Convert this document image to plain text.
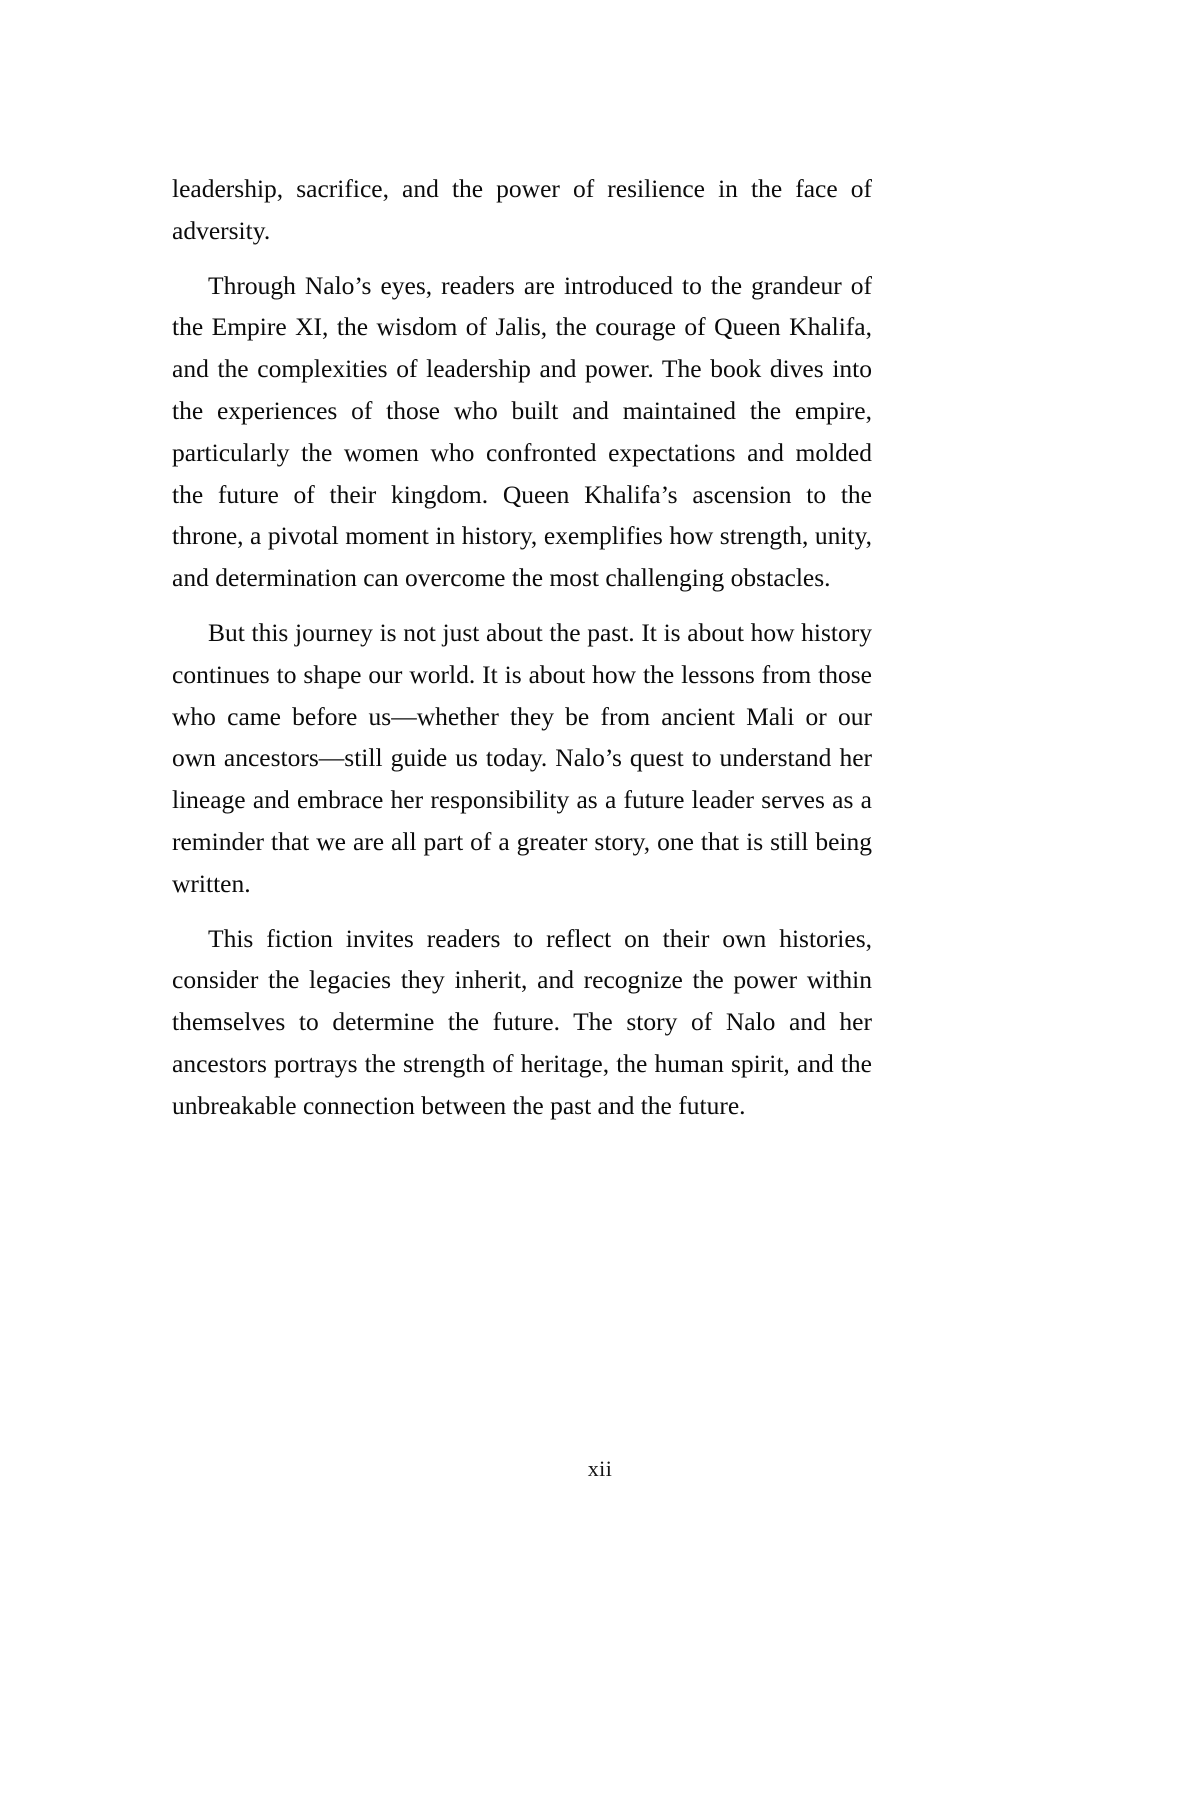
leadership, sacrifice, and the power of resilience in the face of adversity.

Through Nalo’s eyes, readers are introduced to the grandeur of the Empire XI, the wisdom of Jalis, the courage of Queen Khalifa, and the complexities of leadership and power. The book dives into the experiences of those who built and maintained the empire, particularly the women who confronted expectations and molded the future of their kingdom. Queen Khalifa’s ascension to the throne, a pivotal moment in history, exemplifies how strength, unity, and determination can overcome the most challenging obstacles.

But this journey is not just about the past. It is about how history continues to shape our world. It is about how the lessons from those who came before us—whether they be from ancient Mali or our own ancestors—still guide us today. Nalo’s quest to understand her lineage and embrace her responsibility as a future leader serves as a reminder that we are all part of a greater story, one that is still being written.

This fiction invites readers to reflect on their own histories, consider the legacies they inherit, and recognize the power within themselves to determine the future. The story of Nalo and her ancestors portrays the strength of heritage, the human spirit, and the unbreakable connection between the past and the future.

xii
